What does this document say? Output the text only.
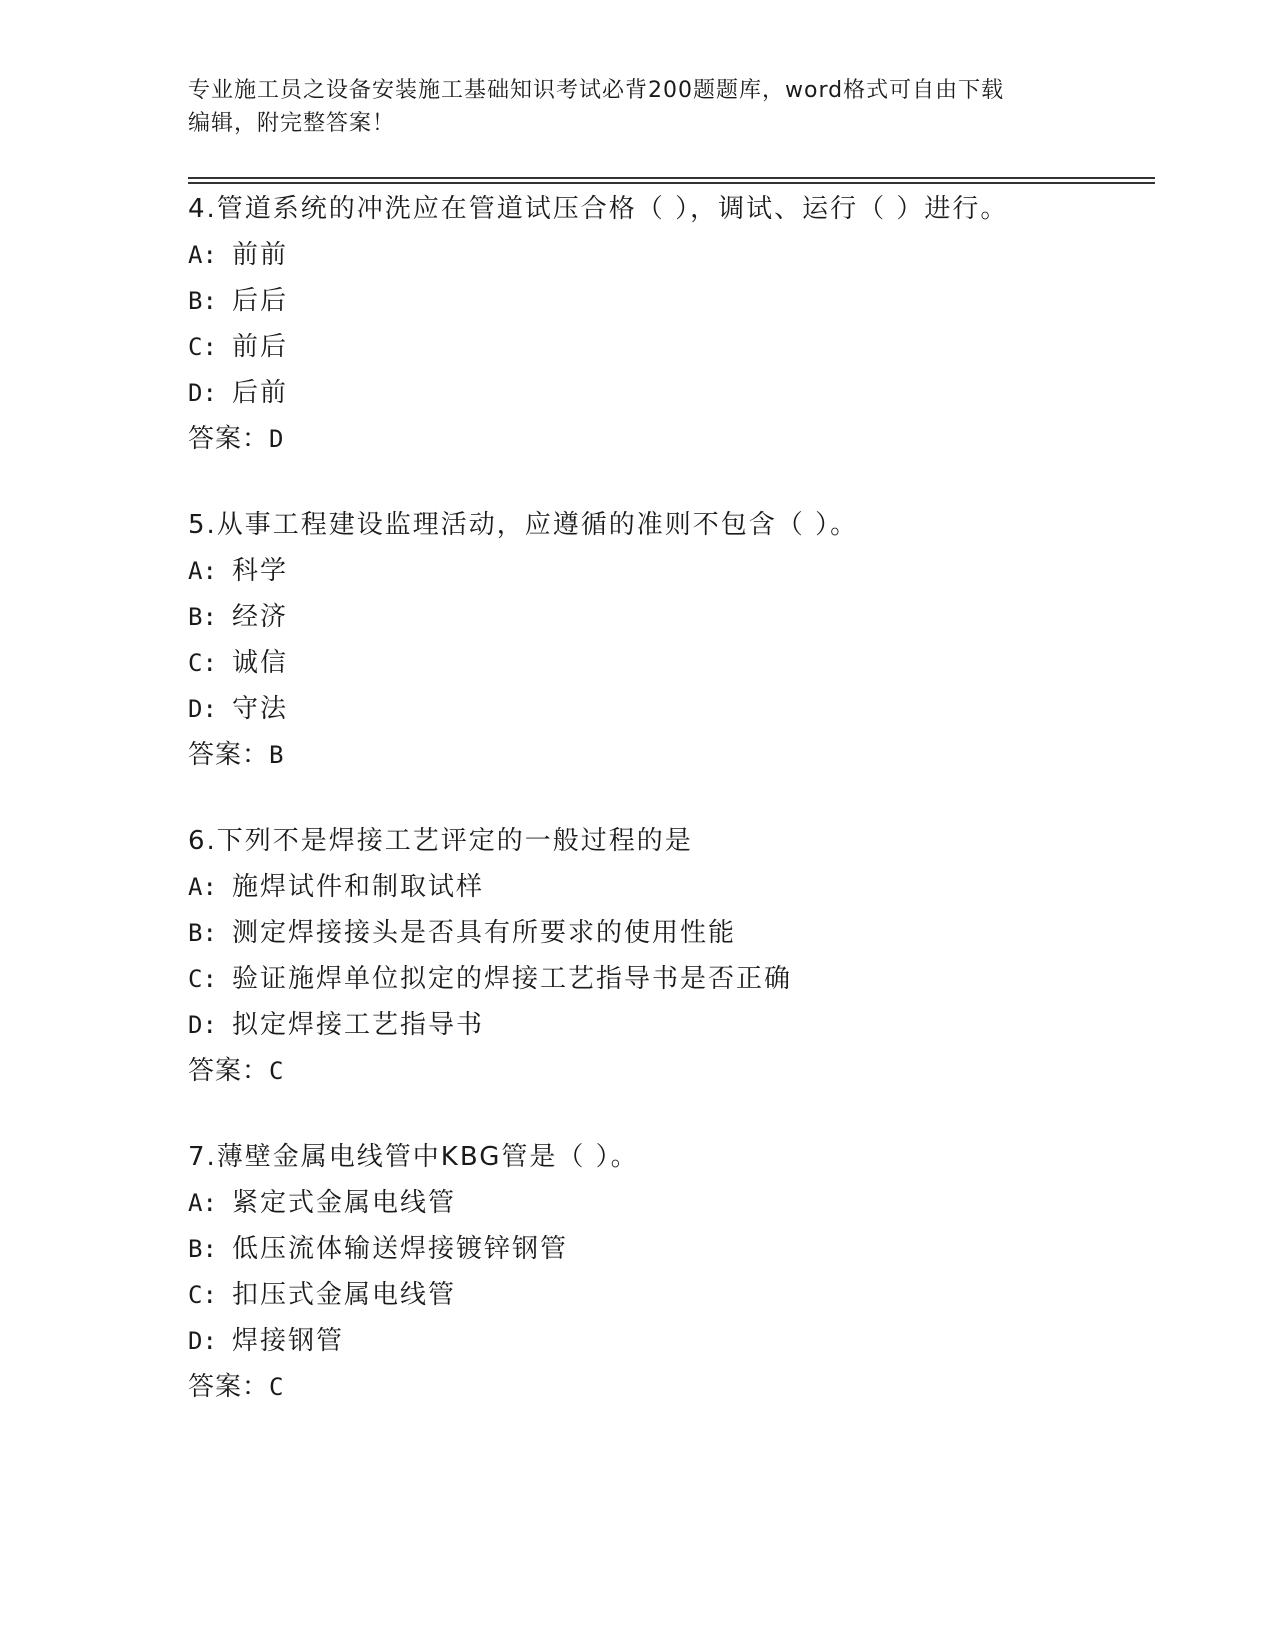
专业施工员之设备安装施工基础知识考试必背200题题库，word格式可自由下载
编辑，附完整答案！
4.管道系统的冲洗应在管道试压合格（ ），调试、运行（ ）进行。
A: 前前
B: 后后
C: 前后
D: 后前
答案：D
5.从事工程建设监理活动，应遵循的准则不包含（ ）。
A: 科学
B: 经济
C: 诚信
D: 守法
答案：B
6.下列不是焊接工艺评定的一般过程的是
A: 施焊试件和制取试样
B: 测定焊接接头是否具有所要求的使用性能
C: 验证施焊单位拟定的焊接工艺指导书是否正确
D: 拟定焊接工艺指导书
答案：C
7.薄壁金属电线管中KBG管是（ ）。
A: 紧定式金属电线管
B: 低压流体输送焊接镀锌钢管
C: 扣压式金属电线管
D: 焊接钢管
答案：C
